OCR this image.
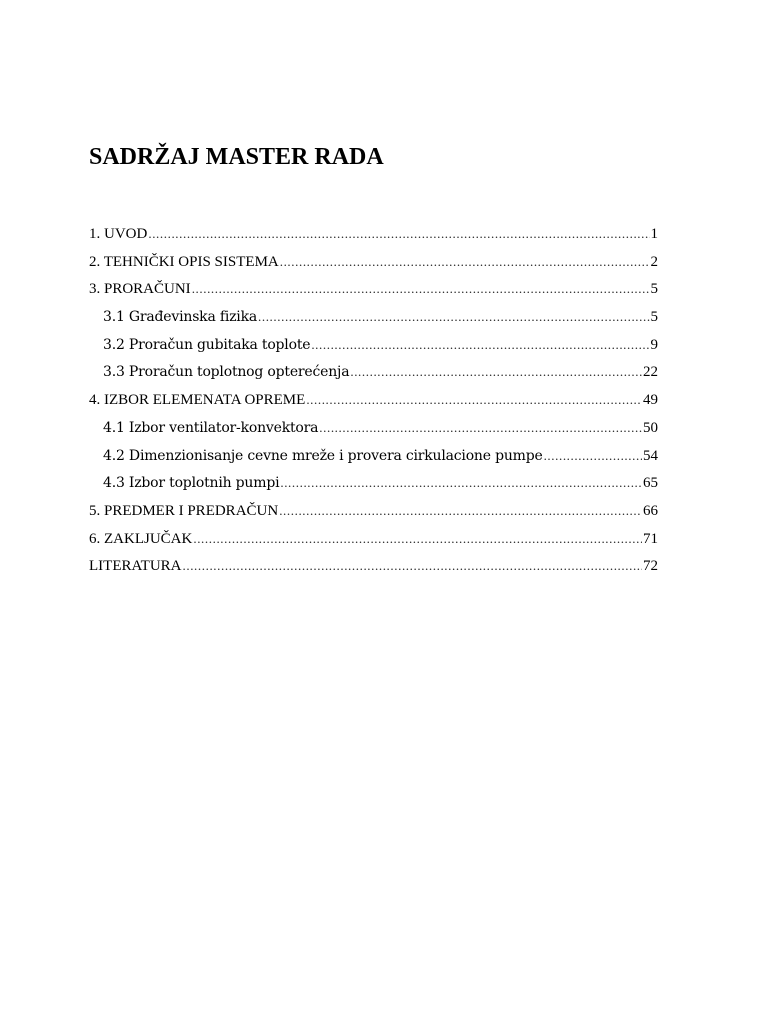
SADRŽAJ MASTER RADA
1. UVOD .....	1
2. TEHNIČKI OPIS SISTEMA .....	2
3. PRORAČUNI .....	5
3.1 Građevinska fizika .....	5
3.2 Proračun gubitaka toplote .....	9
3.3 Proračun toplotnog opterećenja .....	22
4. IZBOR ELEMENATA OPREME .....	49
4.1 Izbor ventilator-konvektora .....	50
4.2 Dimenzionisanje cevne mreže i provera cirkulacione pumpe .....	54
4.3 Izbor toplotnih pumpi .....	65
5. PREDMER I PREDRAČUN .....	66
6. ZAKLJUČAK .....	71
LITERATURA .....	72
